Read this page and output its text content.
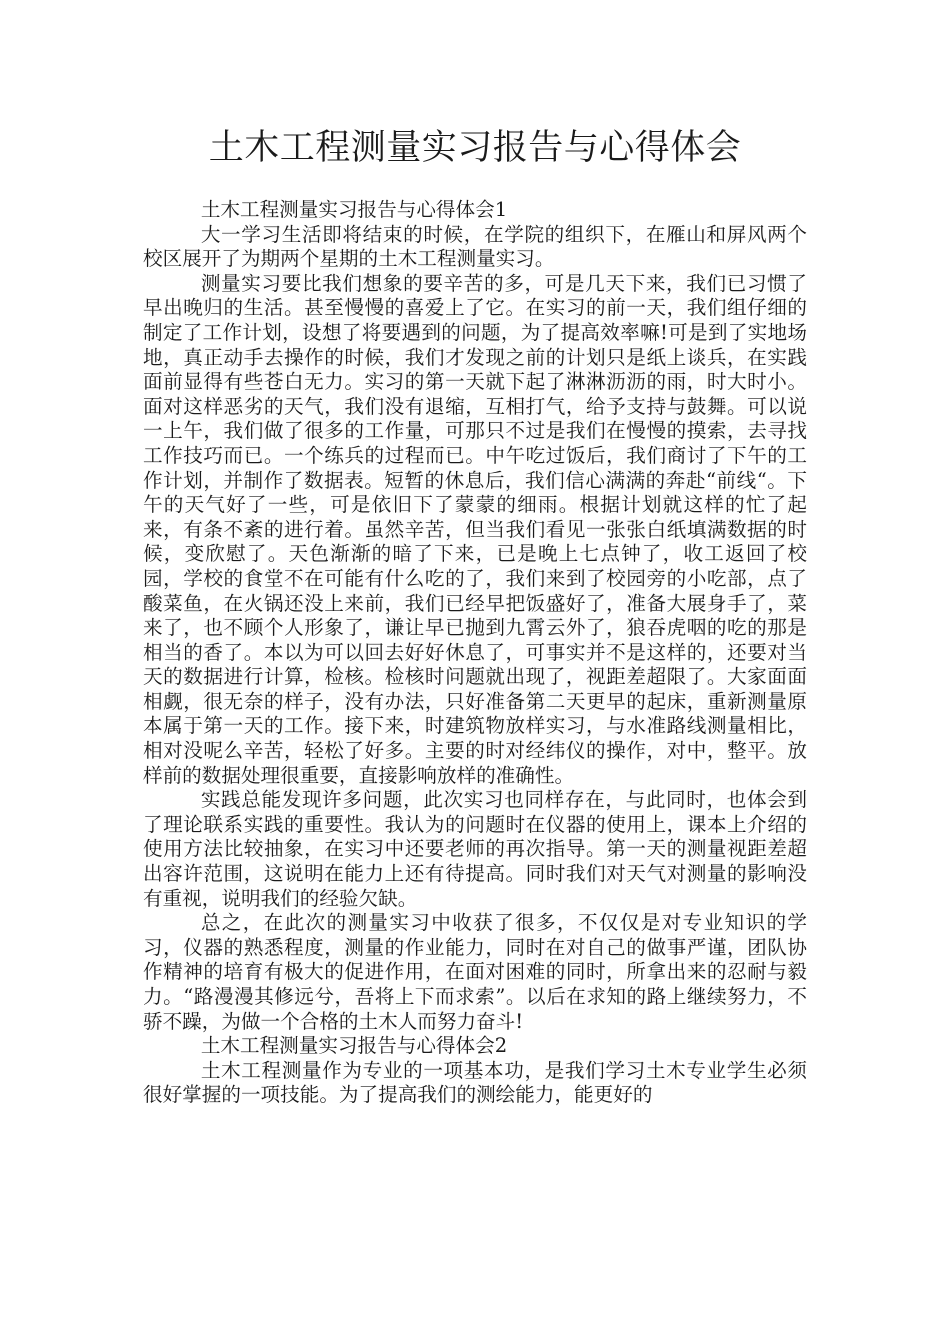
土木工程测量实习报告与心得体会

土木工程测量实习报告与心得体会1

大一学习生活即将结束的时候，在学院的组织下，在雁山和屏风两个校区展开了为期两个星期的土木工程测量实习。

测量实习要比我们想象的要辛苦的多，可是几天下来，我们已习惯了早出晚归的生活。甚至慢慢的喜爱上了它。在实习的前一天，我们组仔细的制定了工作计划，设想了将要遇到的问题，为了提高效率嘛!可是到了实地场地，真正动手去操作的时候，我们才发现之前的计划只是纸上谈兵，在实践面前显得有些苍白无力。实习的第一天就下起了淋淋沥沥的雨，时大时小。面对这样恶劣的天气，我们没有退缩，互相打气，给予支持与鼓舞。可以说一上午，我们做了很多的工作量，可那只不过是我们在慢慢的摸索，去寻找工作技巧而已。一个练兵的过程而已。中午吃过饭后，我们商讨了下午的工作计划，并制作了数据表。短暂的休息后，我们信心满满的奔赴“前线“。下午的天气好了一些，可是依旧下了蒙蒙的细雨。根据计划就这样的忙了起来，有条不紊的进行着。虽然辛苦，但当我们看见一张张白纸填满数据的时候，变欣慰了。天色渐渐的暗了下来，已是晚上七点钟了，收工返回了校园，学校的食堂不在可能有什么吃的了，我们来到了校园旁的小吃部，点了酸菜鱼，在火锅还没上来前，我们已经早把饭盛好了，准备大展身手了，菜来了，也不顾个人形象了，谦让早已抛到九霄云外了，狼吞虎咽的吃的那是相当的香了。本以为可以回去好好休息了，可事实并不是这样的，还要对当天的数据进行计算，检核。检核时问题就出现了，视距差超限了。大家面面相觑，很无奈的样子，没有办法，只好准备第二天更早的起床，重新测量原本属于第一天的工作。接下来，时建筑物放样实习，与水准路线测量相比，相对没呢么辛苦，轻松了好多。主要的时对经纬仪的操作，对中，整平。放样前的数据处理很重要，直接影响放样的准确性。

实践总能发现许多问题，此次实习也同样存在，与此同时，也体会到了理论联系实践的重要性。我认为的问题时在仪器的使用上，课本上介绍的使用方法比较抽象，在实习中还要老师的再次指导。第一天的测量视距差超出容许范围，这说明在能力上还有待提高。同时我们对天气对测量的影响没有重视，说明我们的经验欠缺。

总之，在此次的测量实习中收获了很多，不仅仅是对专业知识的学习，仪器的熟悉程度，测量的作业能力，同时在对自己的做事严谨，团队协作精神的培育有极大的促进作用，在面对困难的同时，所拿出来的忍耐与毅力。“路漫漫其修远兮，吾将上下而求索”。以后在求知的路上继续努力，不骄不躁，为做一个合格的土木人而努力奋斗!

土木工程测量实习报告与心得体会2

土木工程测量作为专业的一项基本功，是我们学习土木专业学生必须很好掌握的一项技能。为了提高我们的测绘能力，能更好的
